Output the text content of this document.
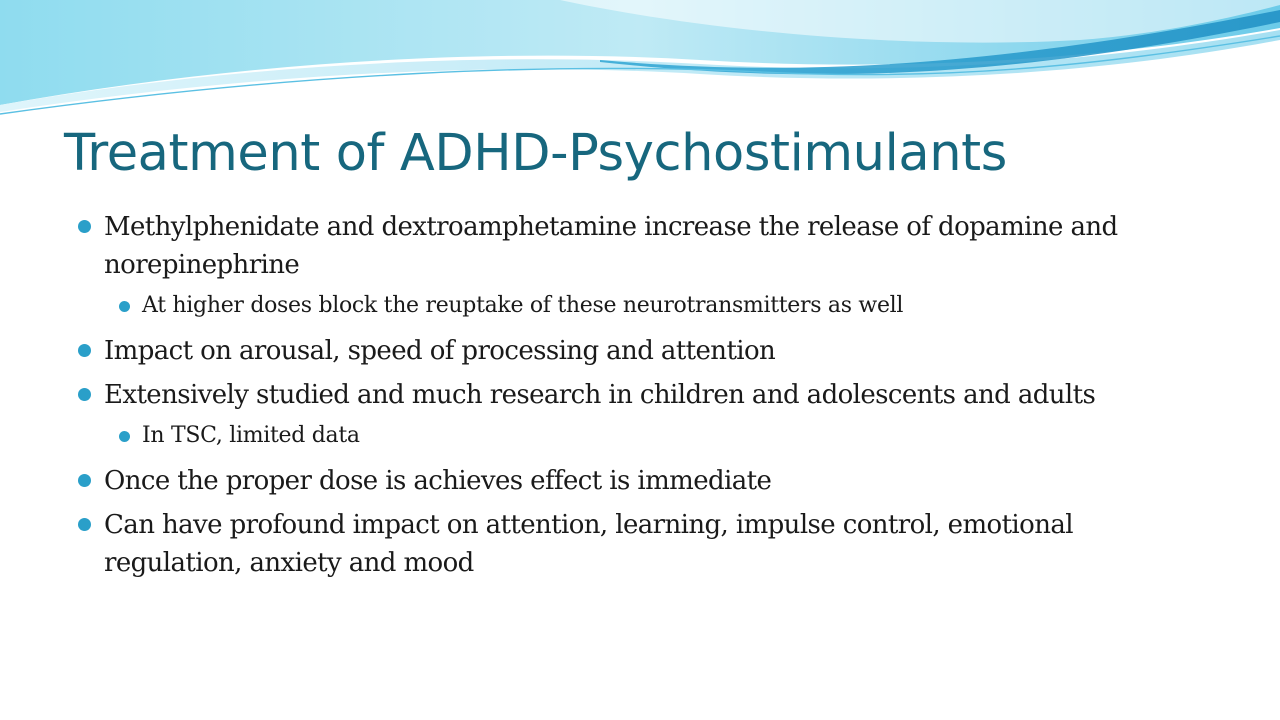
Treatment of ADHD-Psychostimulants

Methylphenidate and dextroamphetamine increase the release of dopamine and norepinephrine

At higher doses block the reuptake of these neurotransmitters as well

Impact on arousal, speed of processing and attention

Extensively studied and much research in children and adolescents and adults

In TSC, limited data

Once the proper dose is achieves effect is immediate

Can have profound impact on attention, learning, impulse control, emotional regulation, anxiety and mood
